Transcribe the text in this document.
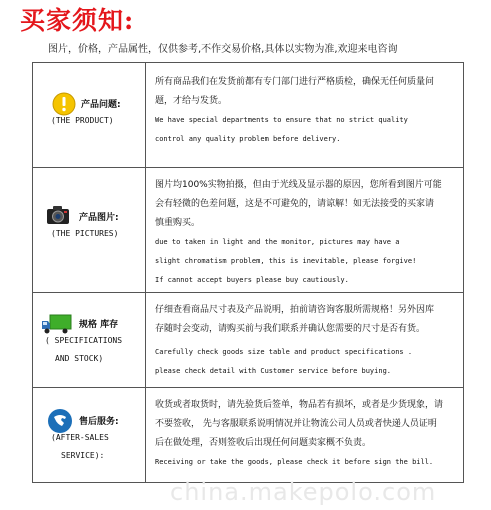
买家须知:
图片，价格，产品属性，仅供参考,不作交易价格,具体以实物为准,欢迎来电咨询
产品问题:
(THE PRODUCT)
所有商品我们在发货前都有专门部门进行严格质检，确保无任何质量问
题，才给与发货。
We have special departments to ensure that no strict quality
control any quality problem before delivery.
产品图片:
(THE PICTURES)
图片均100%实物拍摄，但由于光线及显示器的原因，您所看到图片可能
会有轻微的色差问题，这是不可避免的，请谅解！如无法接受的买家请
慎重购买。
due to taken in light and the monitor, pictures may have a
slight chromatism problem, this is inevitable, please forgive!
If cannot accept buyers please buy cautiously.
规格 库存
( SPECIFICATIONS
AND STOCK)
仔细查看商品尺寸表及产品说明，拍前请咨询客服所需规格！另外因库
存随时会变动，请购买前与我们联系并确认您需要的尺寸是否有货。
Carefully check goods size table and product specifications .
please check detail with Customer service before buying.
售后服务:
(AFTER-SALES
SERVICE):
收货或者取货时，请先验货后签单，物品若有损坏，或者是少货现象，请
不要签收， 先与客服联系说明情况并让物流公司人员或者快递人员证明
后在做处理，否则签收后出现任何问题卖家概不负责。
Receiving or take the goods, please check it before sign the bill.
china.makepolo.com
